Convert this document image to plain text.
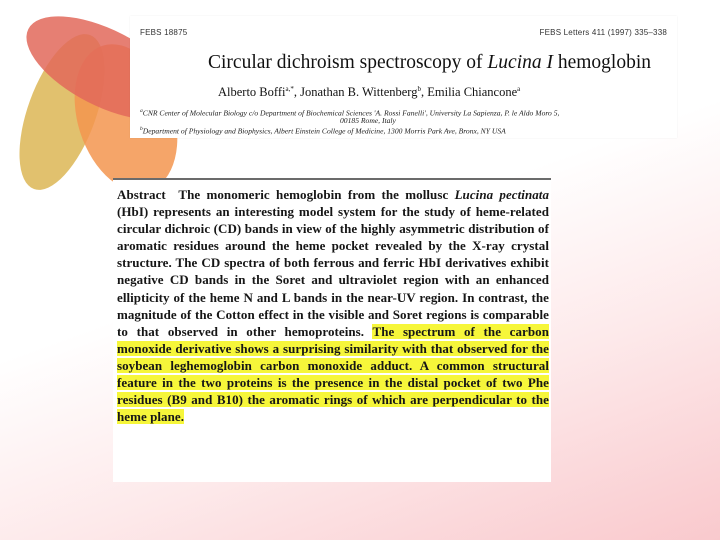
FEBS 18875	FEBS Letters 411 (1997) 335–338
Circular dichroism spectroscopy of Lucina I hemoglobin
Alberto Boffi$^{a,*}$, Jonathan B. Wittenberg$^b$, Emilia Chiancone$^a$
$^a$CNR Center of Molecular Biology c/o Department of Biochemical Sciences 'A. Rossi Fanelli', University La Sapienza, P. le Aldo Moro 5,
00185 Rome, Italy
$^b$Department of Physiology and Biophysics, Albert Einstein College of Medicine, 1300 Morris Park Ave, Bronx, NY USA

Abstract The monomeric hemoglobin from the mollusc Lucina pectinata (HbI) represents an interesting model system for the study of heme-related circular dichroic (CD) bands in view of the highly asymmetric distribution of aromatic residues around the heme pocket revealed by the X-ray crystal structure. The CD spectra of both ferrous and ferric HbI derivatives exhibit negative CD bands in the Soret and ultraviolet region with an enhanced ellipticity of the heme N and L bands in the near-UV region. In contrast, the magnitude of the Cotton effect in the visible and Soret regions is comparable to that observed in other hemoproteins. The spectrum of the carbon monoxide derivative shows a surprising similarity with that observed for the soybean leghemoglobin carbon monoxide adduct. A common structural feature in the two proteins is the presence in the distal pocket of two Phe residues (B9 and B10) the aromatic rings of which are perpendicular to the heme plane.
